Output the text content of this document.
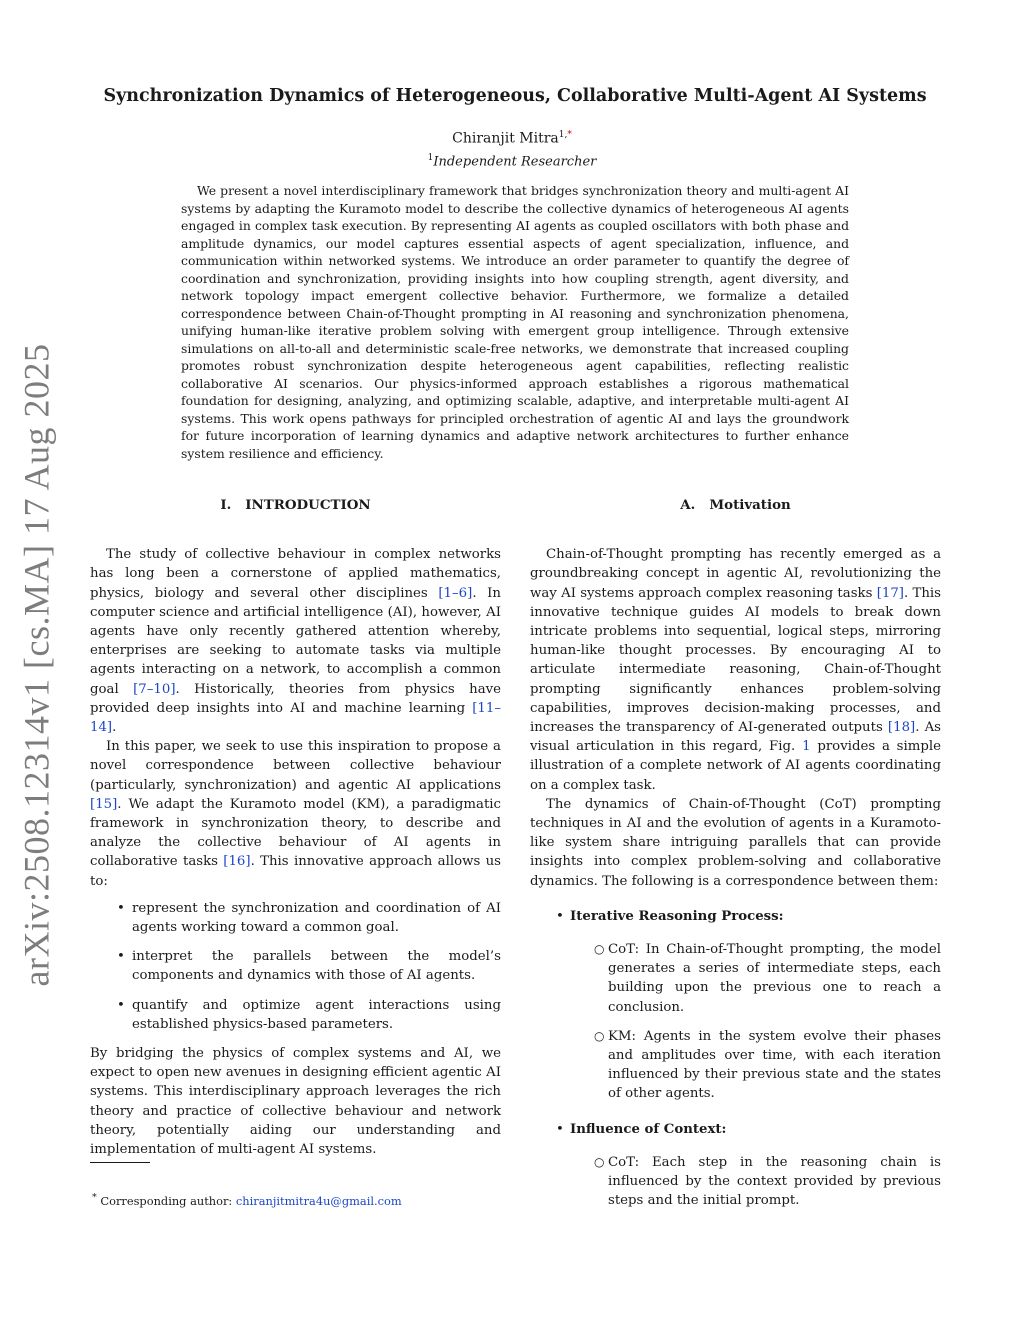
arXiv:2508.12314v1 [cs.MA] 17 Aug 2025
Synchronization Dynamics of Heterogeneous, Collaborative Multi-Agent AI Systems
Chiranjit Mitra$^{1,*}$
$^1$Independent Researcher

We present a novel interdisciplinary framework that bridges synchronization theory and multi-agent AI systems by adapting the Kuramoto model to describe the collective dynamics of heterogeneous AI agents engaged in complex task execution. By representing AI agents as coupled oscillators with both phase and amplitude dynamics, our model captures essential aspects of agent specialization, influence, and communication within networked systems. We introduce an order parameter to quantify the degree of coordination and synchronization, providing insights into how coupling strength, agent diversity, and network topology impact emergent collective behavior. Furthermore, we formalize a detailed correspondence between Chain-of-Thought prompting in AI reasoning and synchronization phenomena, unifying human-like iterative problem solving with emergent group intelligence. Through extensive simulations on all-to-all and deterministic scale-free networks, we demonstrate that increased coupling promotes robust synchronization despite heterogeneous agent capabilities, reflecting realistic collaborative AI scenarios. Our physics-informed approach establishes a rigorous mathematical foundation for designing, analyzing, and optimizing scalable, adaptive, and interpretable multi-agent AI systems. This work opens pathways for principled orchestration of agentic AI and lays the groundwork for future incorporation of learning dynamics and adaptive network architectures to further enhance system resilience and efficiency.

I. INTRODUCTION

The study of collective behaviour in complex networks has long been a cornerstone of applied mathematics, physics, biology and several other disciplines [1–6]. In computer science and artificial intelligence (AI), however, AI agents have only recently gathered attention whereby, enterprises are seeking to automate tasks via multiple agents interacting on a network, to accomplish a common goal [7–10]. Historically, theories from physics have provided deep insights into AI and machine learning [11–14].

In this paper, we seek to use this inspiration to propose a novel correspondence between collective behaviour (particularly, synchronization) and agentic AI applications [15]. We adapt the Kuramoto model (KM), a paradigmatic framework in synchronization theory, to describe and analyze the collective behaviour of AI agents in collaborative tasks [16]. This innovative approach allows us to:

• represent the synchronization and coordination of AI agents working toward a common goal.
• interpret the parallels between the model’s components and dynamics with those of AI agents.
• quantify and optimize agent interactions using established physics-based parameters.

By bridging the physics of complex systems and AI, we expect to open new avenues in designing efficient agentic AI systems. This interdisciplinary approach leverages the rich theory and practice of collective behaviour and network theory, potentially aiding our understanding and implementation of multi-agent AI systems.

A. Motivation

Chain-of-Thought prompting has recently emerged as a groundbreaking concept in agentic AI, revolutionizing the way AI systems approach complex reasoning tasks [17]. This innovative technique guides AI models to break down intricate problems into sequential, logical steps, mirroring human-like thought processes. By encouraging AI to articulate intermediate reasoning, Chain-of-Thought prompting significantly enhances problem-solving capabilities, improves decision-making processes, and increases the transparency of AI-generated outputs [18]. As visual articulation in this regard, Fig. 1 provides a simple illustration of a complete network of AI agents coordinating on a complex task.

The dynamics of Chain-of-Thought (CoT) prompting techniques in AI and the evolution of agents in a Kuramoto-like system share intriguing parallels that can provide insights into complex problem-solving and collaborative dynamics. The following is a correspondence between them:

• Iterative Reasoning Process:
○ CoT: In Chain-of-Thought prompting, the model generates a series of intermediate steps, each building upon the previous one to reach a conclusion.
○ KM: Agents in the system evolve their phases and amplitudes over time, with each iteration influenced by their previous state and the states of other agents.
• Influence of Context:
○ CoT: Each step in the reasoning chain is influenced by the context provided by previous steps and the initial prompt.
* Corresponding author: chiranjitmitra4u@gmail.com
